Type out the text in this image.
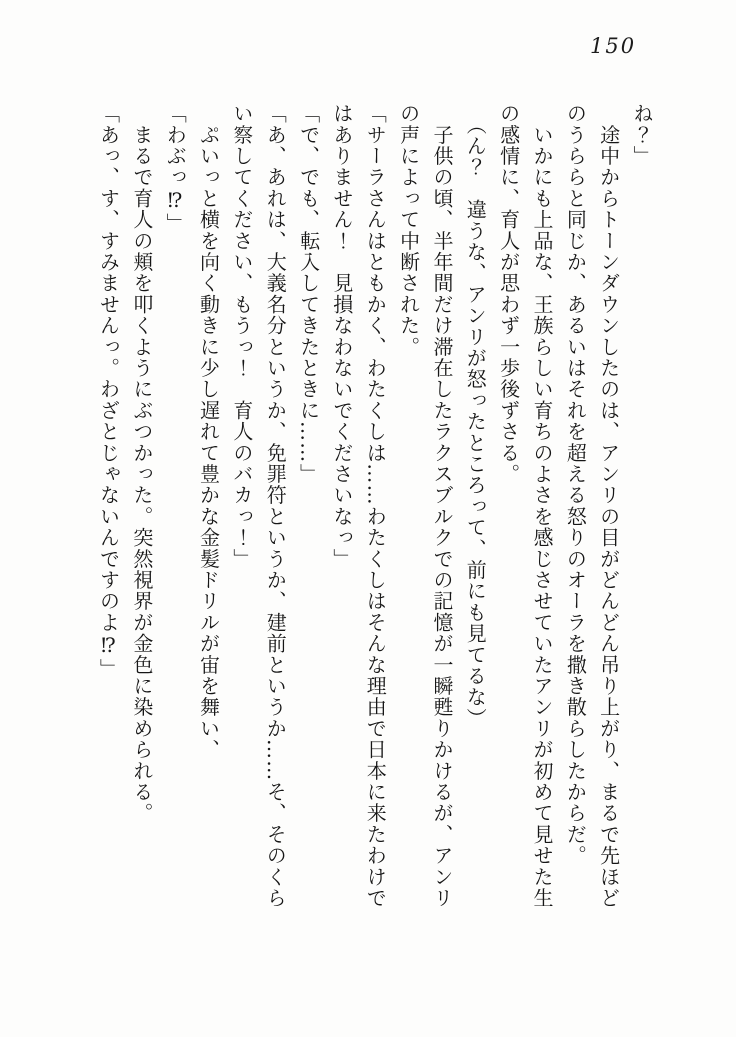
150
ね？」
　途中からトーンダウンしたのは、アンリの目がどんどん吊り上がり、まるで先ほど
のうららと同じか、あるいはそれを超える怒りのオーラを撒き散らしたからだ。
　いかにも上品な、王族らしい育ちのよさを感じさせていたアンリが初めて見せた生
の感情に、育人が思わず一歩後ずさる。
　（ん？　違うな、アンリが怒ったところって、前にも見てるな）
　子供の頃、半年間だけ滞在したラクスブルクでの記憶が一瞬甦りかけるが、アンリ
の声によって中断された。
「サーラさんはともかく、わたくしは……わたくしはそんな理由で日本に来たわけで
はありません！　見損なわないでくださいなっ」
「で、でも、転入してきたときに……」
「あ、あれは、大義名分というか、免罪符というか、建前というか……そ、そのくら
い察してください、もうっ！　育人のバカっ！」
　ぷいっと横を向く動きに少し遅れて豊かな金髪ドリルが宙を舞い、
「わぶっ⁉」
　まるで育人の頬を叩くようにぶつかった。突然視界が金色に染められる。
「あっ、す、すみませんっ。わざとじゃないんですのよ⁉」
